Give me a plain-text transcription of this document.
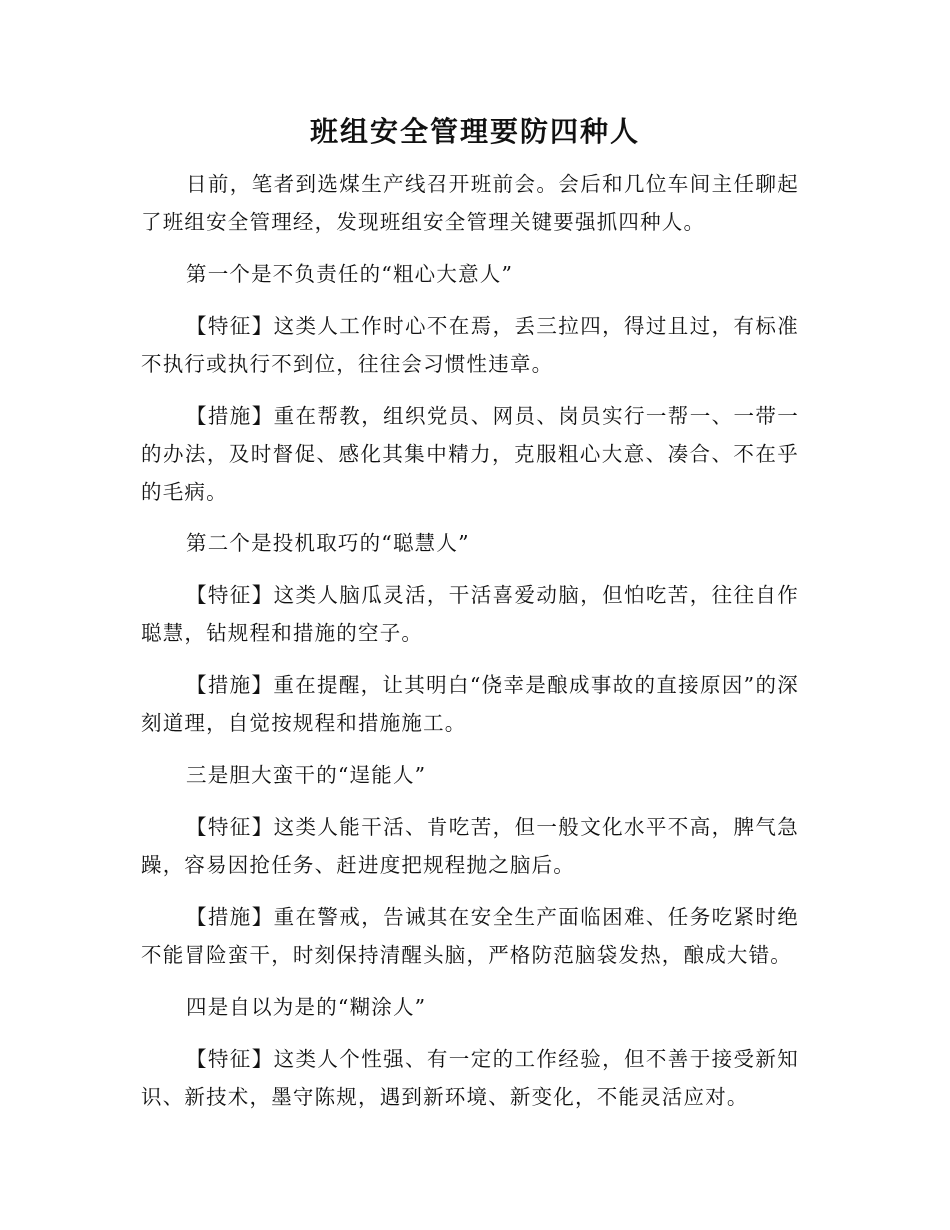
班组安全管理要防四种人

日前，笔者到选煤生产线召开班前会。会后和几位车间主任聊起了班组安全管理经，发现班组安全管理关键要强抓四种人。

第一个是不负责任的“粗心大意人”

【特征】这类人工作时心不在焉，丢三拉四，得过且过，有标准不执行或执行不到位，往往会习惯性违章。

【措施】重在帮教，组织党员、网员、岗员实行一帮一、一带一的办法，及时督促、感化其集中精力，克服粗心大意、凑合、不在乎的毛病。

第二个是投机取巧的“聪慧人”

【特征】这类人脑瓜灵活，干活喜爱动脑，但怕吃苦，往往自作聪慧，钻规程和措施的空子。

【措施】重在提醒，让其明白“侥幸是酿成事故的直接原因”的深刻道理，自觉按规程和措施施工。

三是胆大蛮干的“逞能人”

【特征】这类人能干活、肯吃苦，但一般文化水平不高，脾气急躁，容易因抢任务、赶进度把规程抛之脑后。

【措施】重在警戒，告诫其在安全生产面临困难、任务吃紧时绝不能冒险蛮干，时刻保持清醒头脑，严格防范脑袋发热，酿成大错。

四是自以为是的“糊涂人”

【特征】这类人个性强、有一定的工作经验，但不善于接受新知识、新技术，墨守陈规，遇到新环境、新变化，不能灵活应对。
